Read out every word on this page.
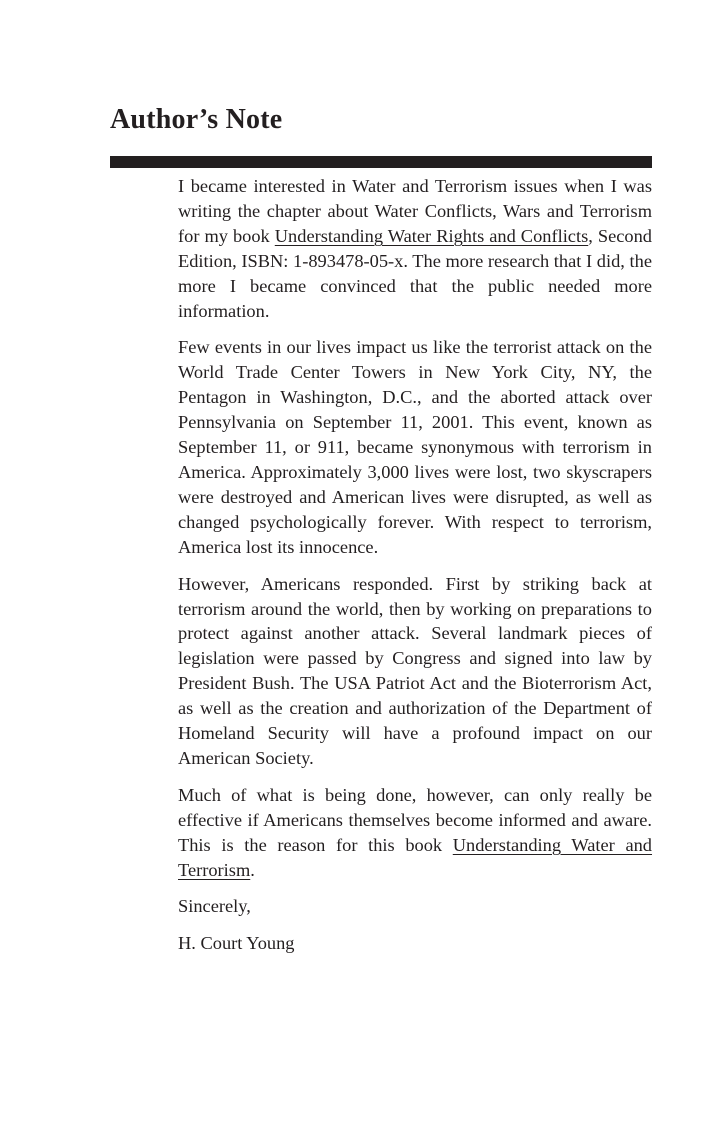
Author’s Note

I became interested in Water and Terrorism issues when I was writing the chapter about Water Conflicts, Wars and Terrorism for my book Understanding Water Rights and Conflicts, Second Edition, ISBN: 1-893478-05-x. The more research that I did, the more I became convinced that the public needed more information.

Few events in our lives impact us like the terrorist attack on the World Trade Center Towers in New York City, NY, the Pentagon in Washington, D.C., and the aborted attack over Pennsylvania on September 11, 2001. This event, known as September 11, or 911, became synonymous with terrorism in America. Approximately 3,000 lives were lost, two skyscrapers were destroyed and American lives were disrupted, as well as changed psychologically forever. With respect to terrorism, America lost its innocence.

However, Americans responded. First by striking back at terrorism around the world, then by working on preparations to protect against another attack. Several landmark pieces of legislation were passed by Congress and signed into law by President Bush. The USA Patriot Act and the Bioterrorism Act, as well as the creation and authorization of the Department of Homeland Security will have a profound impact on our American Society.

Much of what is being done, however, can only really be effective if Americans themselves become informed and aware. This is the reason for this book Understanding Water and Terrorism.

Sincerely,

H. Court Young
